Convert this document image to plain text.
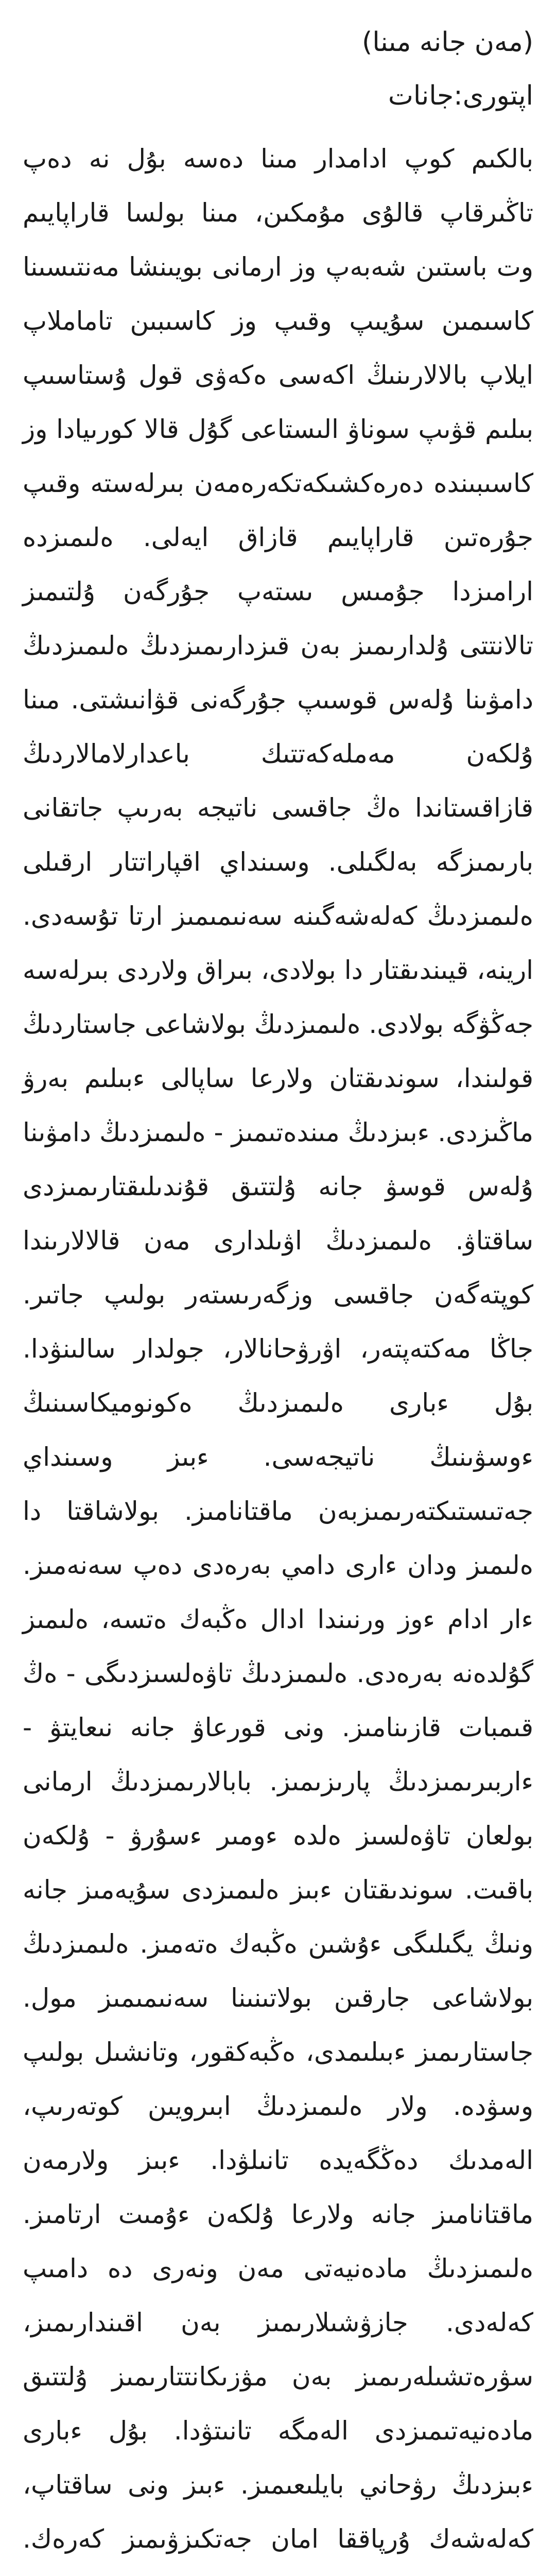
(مەن جانە مىنا)

اپتورى:جانات

بالكىم كوپ ادامدار مىنا دەسە بۇل نە دەپ تاڭىرقاپ قالۇى مۇمكىن، مىنا بولسا قاراپايىم وت باستىن شەبەپ وز ارمانى بويىنشا مەنتىسىنا كاسىمىن سۇيىپ وقىپ وز كاسىبىن تاماملاپ ايلاپ بالالارىنىڭ اكەسى ەكەۋى قول ۇستاسىپ بىلىم قۋىپ سوناۋ الىستاعى گۇل قالا كورىيادا وز كاسىبىندە دەرەكشىكەتكەرەمەن بىرلەستە وقىپ جۇرەتىن قاراپايىم قازاق ايەلى. ەلىمىزدە ارامىزدا جۇمىس ىستەپ جۇرگەن ۇلتىمىز تالانتتى ۇلدارىمىز بەن قىزدارىمىزدىڭ ەلىمىزدىڭ دامۋىنا ۇلەس قوسىپ جۇرگەنى قۋانىشتى. مىنا ۇلكەن مەملەكەتتىك باعدارلامالاردىڭ قازاقستاندا ەڭ جاقسى ناتيجە بەرىپ جاتقانى بارىمىزگە بەلگىلى. وسىنداي اقپاراتتار ارقىلى ەلىمىزدىڭ كەلەشەگىنە سەنىمىمىز ارتا تۇسەدى. ارينە، قيىندىقتار دا بولادى، بىراق ولاردى بىرلەسە جەڭۋگە بولادى. ەلىمىزدىڭ بولاشاعى جاستاردىڭ قولىندا، سوندىقتان ولارعا ساپالى ءبىلىم بەرۋ ماڭىزدى. ءبىزدىڭ مىندەتىمىز - ەلىمىزدىڭ دامۋىنا ۇلەس قوسۋ جانە ۇلتتىق قۇندىلىقتارىمىزدى ساقتاۋ. ەلىمىزدىڭ اۋىلدارى مەن قالالارىندا كوپتەگەن جاقسى وزگەرىستەر بولىپ جاتىر. جاڭا مەكتەپتەر، اۋرۋحانالار، جولدار سالىنۋدا. بۇل ءبارى ەلىمىزدىڭ ەكونوميكاسىنىڭ ءوسۋىنىڭ ناتيجەسى. ءبىز وسىنداي جەتىستىكتەرىمىزبەن ماقتانامىز. بولاشاقتا دا ەلىمىز ودان ءارى دامي بەرەدى دەپ سەنەمىز. ءار ادام ءوز ورنىندا ادال ەڭبەك ەتسە، ەلىمىز گۇلدەنە بەرەدى. ەلىمىزدىڭ تاۋەلسىزدىگى - ەڭ قىمبات قازىنامىز. ونى قورعاۋ جانە نىعايتۋ - ءاربىرىمىزدىڭ پارىزىمىز. بابالارىمىزدىڭ ارمانى بولعان تاۋەلسىز ەلدە ءومىر ءسۇرۋ - ۇلكەن باقىت. سوندىقتان ءبىز ەلىمىزدى سۇيەمىز جانە ونىڭ يگىلىگى ءۇشىن ەڭبەك ەتەمىز. ەلىمىزدىڭ بولاشاعى جارقىن بولاتىنىنا سەنىمىمىز مول. جاستارىمىز ءبىلىمدى، ەڭبەكقور، وتانشىل بولىپ وسۋدە. ولار ەلىمىزدىڭ ابىرويىن كوتەرىپ، الەمدىك دەڭگەيدە تانىلۋدا. ءبىز ولارمەن ماقتانامىز جانە ولارعا ۇلكەن ءۇمىت ارتامىز. ەلىمىزدىڭ مادەنيەتى مەن ونەرى دە دامىپ كەلەدى. جازۋشىلارىمىز بەن اقىندارىمىز، سۋرەتشىلەرىمىز بەن مۋزىكانتتارىمىز ۇلتتىق مادەنيەتىمىزدى الەمگە تانىتۋدا. بۇل ءبارى ءبىزدىڭ رۋحاني بايلىعىمىز. ءبىز ونى ساقتاپ، كەلەشەك ۇرپاققا امان جەتكىزۋىمىز كەرەك.
